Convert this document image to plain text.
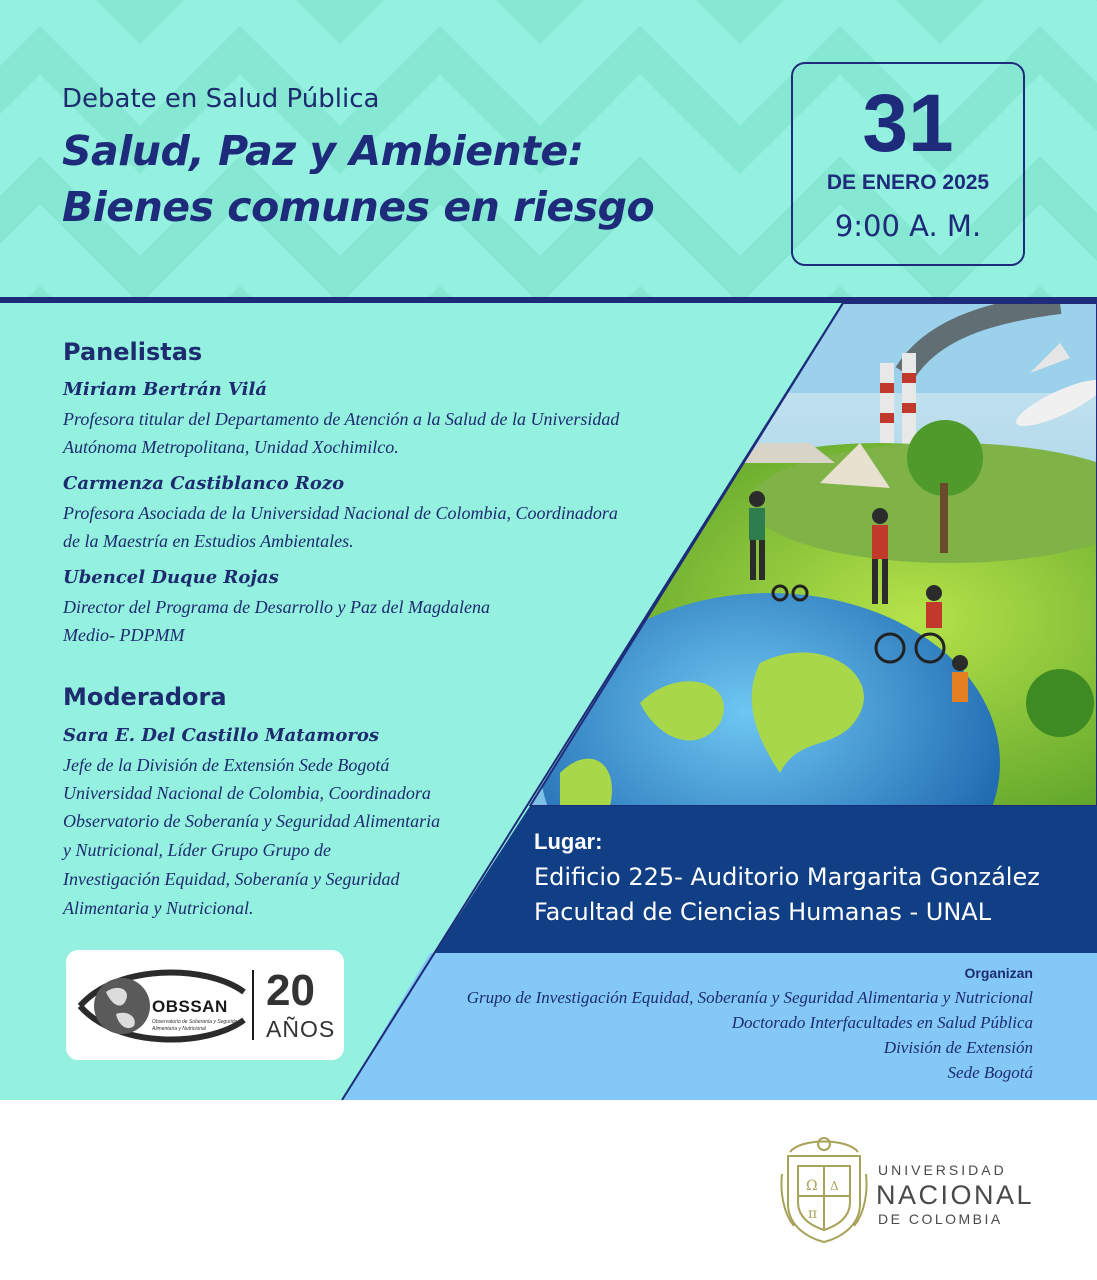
Debate en Salud Pública
Salud, Paz y Ambiente:
Bienes comunes en riesgo
31
DE ENERO 2025
9:00 A. M.
Panelistas
Miriam Bertrán Vilá
Profesora titular del Departamento de Atención a la Salud de la Universidad
Autónoma Metropolitana, Unidad Xochimilco.
Carmenza Castiblanco Rozo
Profesora Asociada de la Universidad Nacional de Colombia, Coordinadora
de la Maestría en Estudios Ambientales.
Ubencel Duque Rojas
Director del Programa de Desarrollo y Paz del Magdalena
Medio- PDPMM
Moderadora
Sara E. Del Castillo Matamoros
Jefe de la División de Extensión Sede Bogotá
Universidad Nacional de Colombia, Coordinadora
Observatorio de Soberanía y Seguridad Alimentaria
y Nutricional, Líder Grupo Grupo de
Investigación Equidad, Soberanía y Seguridad
Alimentaria y Nutricional.
Lugar:
Edificio 225- Auditorio Margarita González
Facultad de Ciencias Humanas - UNAL
Organizan
Grupo de Investigación Equidad, Soberanía y Seguridad Alimentaria y Nutricional
Doctorado Interfacultades en Salud Pública
División de Extensión
Sede Bogotá
OBSSAN
Observatorio de Soberanía y Seguridad Alimentaria y Nutricional
20
AÑOS
Ω Δ
π
UNIVERSIDAD
NACIONAL
DE COLOMBIA
